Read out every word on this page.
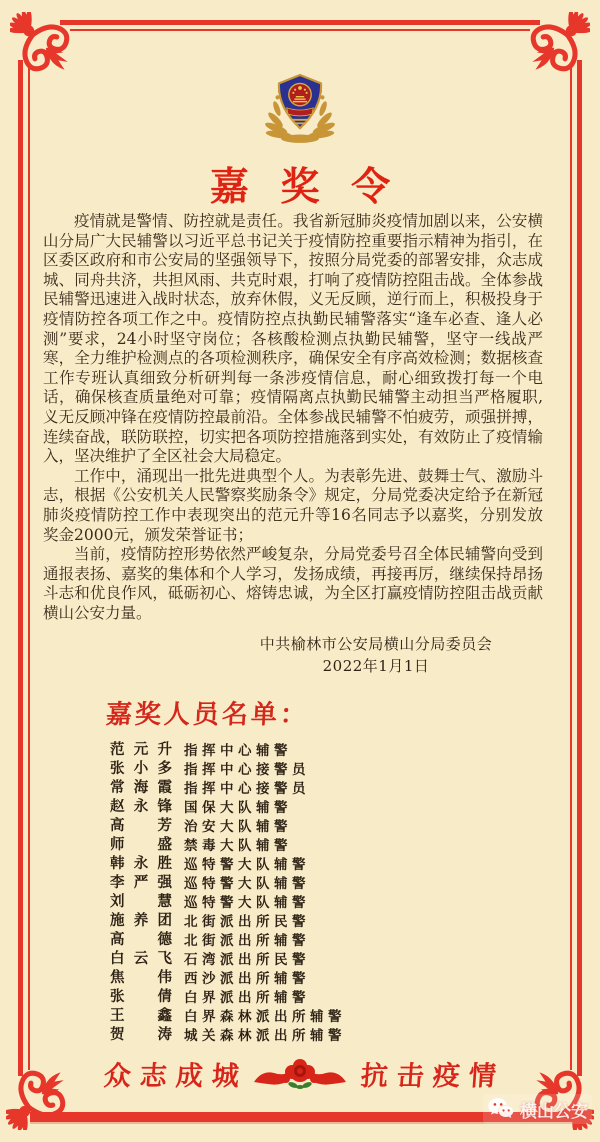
嘉 奖 令

疫情就是警情、防控就是责任。我省新冠肺炎疫情加剧以来，公安横山分局广大民辅警以习近平总书记关于疫情防控重要指示精神为指引，在区委区政府和市公安局的坚强领导下，按照分局党委的部署安排，众志成城、同舟共济，共担风雨、共克时艰，打响了疫情防控阻击战。全体参战民辅警迅速进入战时状态，放弃休假，义无反顾，逆行而上，积极投身于疫情防控各项工作之中。疫情防控点执勤民辅警落实“逢车必查、逢人必测”要求，24小时坚守岗位；各核酸检测点执勤民辅警，坚守一线战严寒，全力维护检测点的各项检测秩序，确保安全有序高效检测；数据核查工作专班认真细致分析研判每一条涉疫情信息，耐心细致拨打每一个电话，确保核查质量绝对可靠；疫情隔离点执勤民辅警主动担当严格履职,义无反顾冲锋在疫情防控最前沿。全体参战民辅警不怕疲劳，顽强拼搏，连续奋战，联防联控，切实把各项防控措施落到实处，有效防止了疫情输入，坚决维护了全区社会大局稳定。

工作中，涌现出一批先进典型个人。为表彰先进、鼓舞士气、激励斗志，根据《公安机关人民警察奖励条令》规定，分局党委决定给予在新冠肺炎疫情防控工作中表现突出的范元升等16名同志予以嘉奖，分别发放奖金2000元，颁发荣誉证书；

当前，疫情防控形势依然严峻复杂，分局党委号召全体民辅警向受到通报表扬、嘉奖的集体和个人学习，发扬成绩，再接再厉，继续保持昂扬斗志和优良作风，砥砺初心、熔铸忠诚，为全区打赢疫情防控阻击战贡献横山公安力量。

中共榆林市公安局横山分局委员会
2022年1月1日
嘉奖人员名单：
范 元 升 指挥中心辅警
张 小 多 指挥中心接警员
常 海 霞 指挥中心接警员
赵 永 锋 国保大队辅警
高 芳 治安大队辅警
师 盛 禁毒大队辅警
韩 永 胜 巡特警大队辅警
李 严 强 巡特警大队辅警
刘 慧 巡特警大队辅警
施 养 团 北街派出所民警
高 德 北街派出所辅警
白 云 飞 石湾派出所民警
焦 伟 西沙派出所辅警
张 倩 白界派出所辅警
王 鑫 白界森林派出所辅警
贺 涛 城关森林派出所辅警
众志成城	抗击疫情
横山公安
